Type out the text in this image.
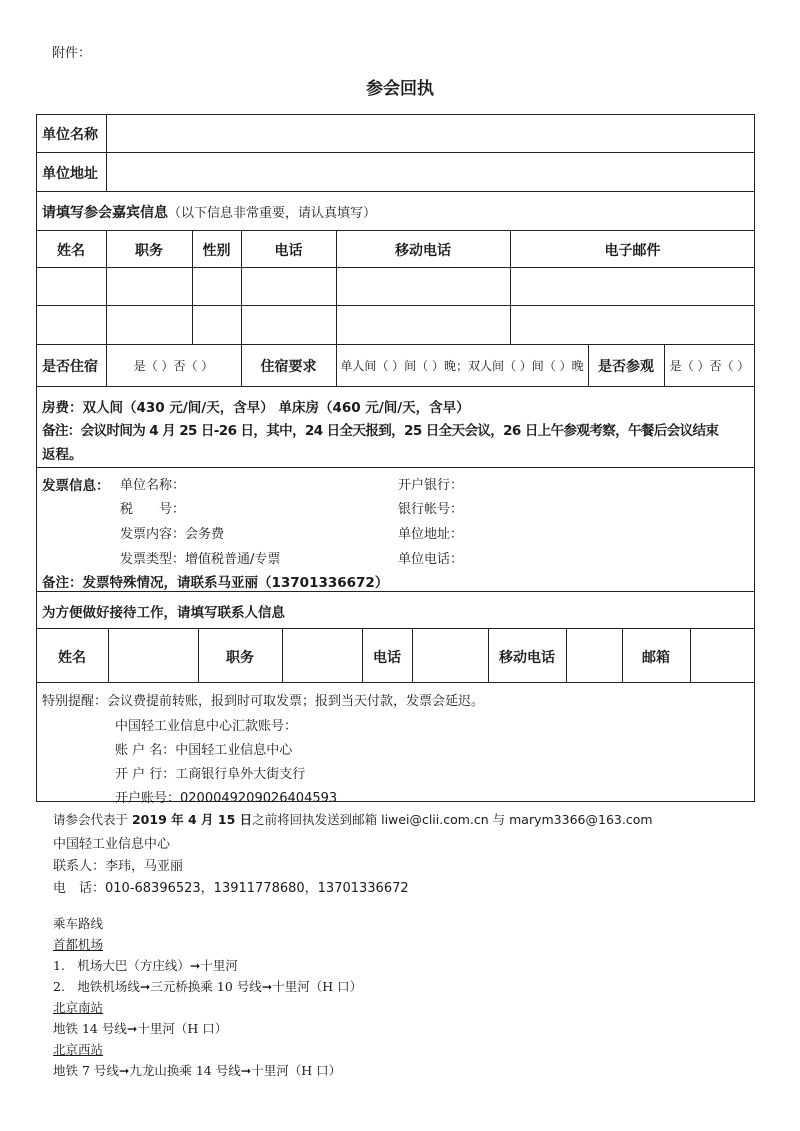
附件：
参会回执
单位名称
单位地址
请填写参会嘉宾信息（以下信息非常重要，请认真填写）
姓名	职务	性别	电话	移动电话	电子邮件
是否住宿	是（ ）否（ ）	住宿要求	单人间（ ）间（ ）晚；双人间（ ）间（ ）晚	是否参观	是（ ）否（ ）
房费：双人间（430 元/间/天，含早） 单床房（460 元/间/天，含早）
备注：会议时间为 4 月 25 日-26 日，其中，24 日全天报到，25 日全天会议，26 日上午参观考察，午餐后会议结束
返程。
发票信息： 单位名称：
税　　号：
发票内容：会务费
发票类型：增值税普通/专票
开户银行：
银行帐号：
单位地址：
单位电话：
备注：发票特殊情况，请联系马亚丽（13701336672）
为方便做好接待工作，请填写联系人信息
姓名	职务	电话	移动电话	邮箱
特别提醒：会议费提前转账，报到时可取发票；报到当天付款，发票会延迟。
中国轻工业信息中心汇款账号：
账 户 名：中国轻工业信息中心
开 户 行：工商银行阜外大街支行
开户账号：0200049209026404593
请参会代表于 2019 年 4 月 15 日之前将回执发送到邮箱 liwei@clii.com.cn 与 marym3366@163.com
中国轻工业信息中心
联系人：李玮，马亚丽
电　话：010-68396523，13911778680，13701336672
乘车路线
首都机场
1.　机场大巴（方庄线）➞十里河
2.　地铁机场线➞三元桥换乘 10 号线➞十里河（H 口）
北京南站
地铁 14 号线➞十里河（H 口）
北京西站
地铁 7 号线➞九龙山换乘 14 号线➞十里河（H 口）
